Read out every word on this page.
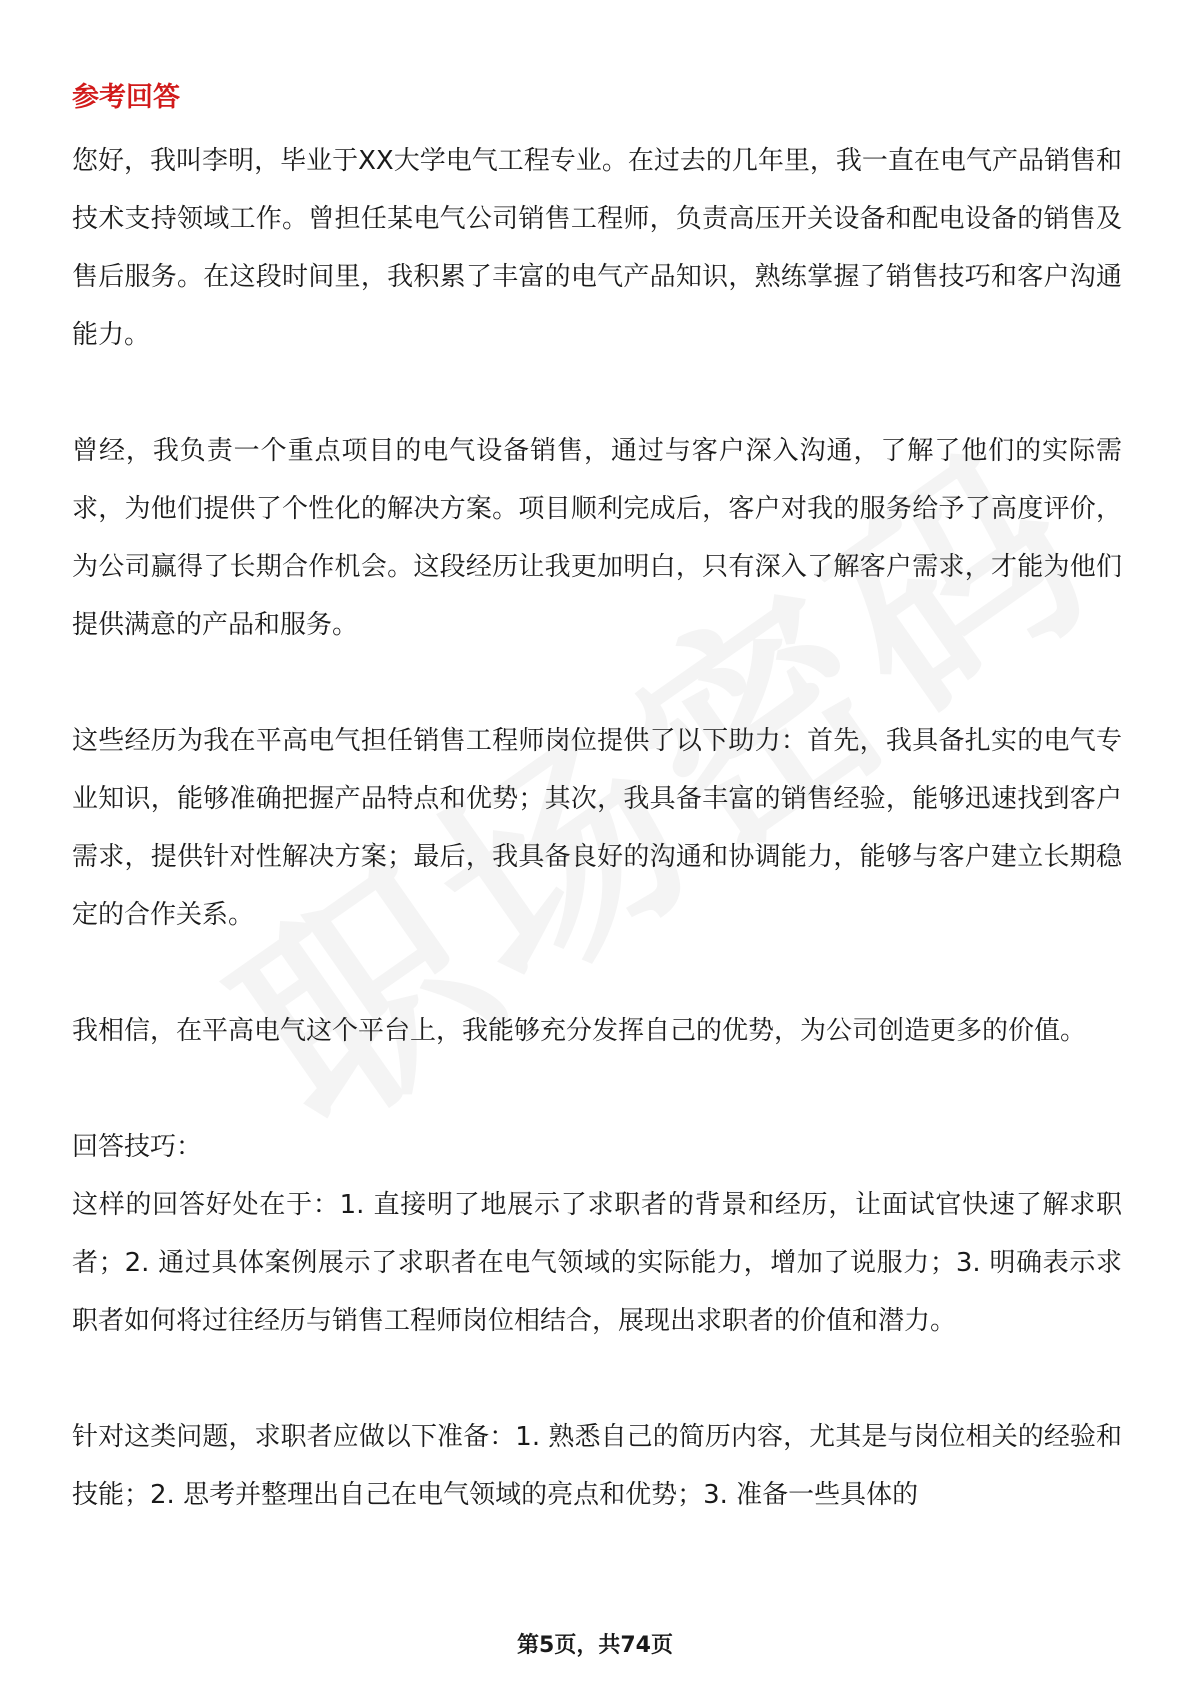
参考回答

您好，我叫李明，毕业于XX大学电气工程专业。在过去的几年里，我一直在电气产品销售和技术支持领域工作。曾担任某电气公司销售工程师，负责高压开关设备和配电设备的销售及售后服务。在这段时间里，我积累了丰富的电气产品知识，熟练掌握了销售技巧和客户沟通能力。

曾经，我负责一个重点项目的电气设备销售，通过与客户深入沟通，了解了他们的实际需求，为他们提供了个性化的解决方案。项目顺利完成后，客户对我的服务给予了高度评价，为公司赢得了长期合作机会。这段经历让我更加明白，只有深入了解客户需求，才能为他们提供满意的产品和服务。

这些经历为我在平高电气担任销售工程师岗位提供了以下助力：首先，我具备扎实的电气专业知识，能够准确把握产品特点和优势；其次，我具备丰富的销售经验，能够迅速找到客户需求，提供针对性解决方案；最后，我具备良好的沟通和协调能力，能够与客户建立长期稳定的合作关系。

我相信，在平高电气这个平台上，我能够充分发挥自己的优势，为公司创造更多的价值。

回答技巧：

这样的回答好处在于：1. 直接明了地展示了求职者的背景和经历，让面试官快速了解求职者；2. 通过具体案例展示了求职者在电气领域的实际能力，增加了说服力；3. 明确表示求职者如何将过往经历与销售工程师岗位相结合，展现出求职者的价值和潜力。

针对这类问题，求职者应做以下准备：1. 熟悉自己的简历内容，尤其是与岗位相关的经验和技能；2. 思考并整理出自己在电气领域的亮点和优势；3. 准备一些具体的

第5页，共74页
